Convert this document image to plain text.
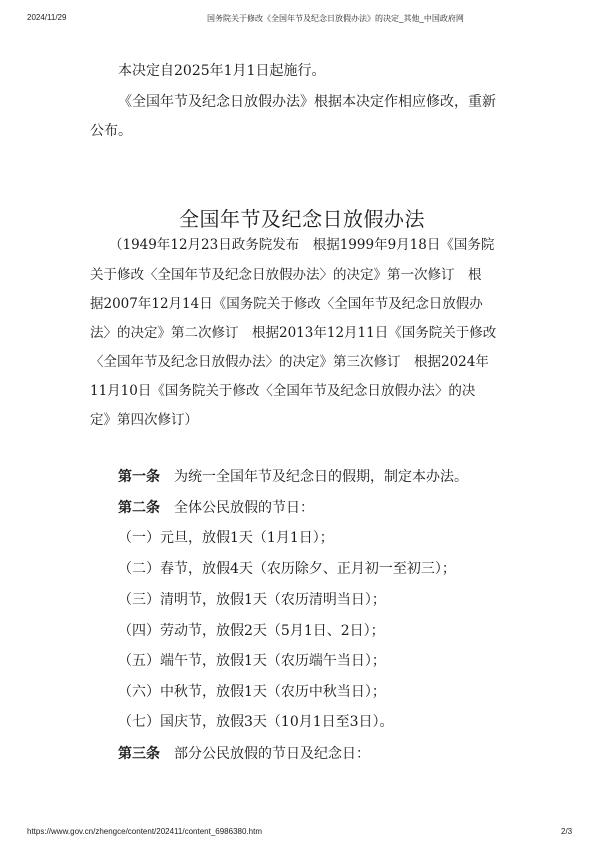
2024/11/29	国务院关于修改《全国年节及纪念日放假办法》的决定_其他_中国政府网
本决定自2025年1月1日起施行。
《全国年节及纪念日放假办法》根据本决定作相应修改，重新
公布。
全国年节及纪念日放假办法
（1949年12月23日政务院发布　根据1999年9月18日《国务院
关于修改〈全国年节及纪念日放假办法〉的决定》第一次修订　根
据2007年12月14日《国务院关于修改〈全国年节及纪念日放假办
法〉的决定》第二次修订　根据2013年12月11日《国务院关于修改
〈全国年节及纪念日放假办法〉的决定》第三次修订　根据2024年
11月10日《国务院关于修改〈全国年节及纪念日放假办法〉的决
定》第四次修订）
第一条 为统一全国年节及纪念日的假期，制定本办法。
第二条 全体公民放假的节日：
（一）元旦，放假1天（1月1日）；
（二）春节，放假4天（农历除夕、正月初一至初三）；
（三）清明节，放假1天（农历清明当日）；
（四）劳动节，放假2天（5月1日、2日）；
（五）端午节，放假1天（农历端午当日）；
（六）中秋节，放假1天（农历中秋当日）；
（七）国庆节，放假3天（10月1日至3日）。
第三条 部分公民放假的节日及纪念日：
https://www.gov.cn/zhengce/content/202411/content_6986380.htm	2/3
